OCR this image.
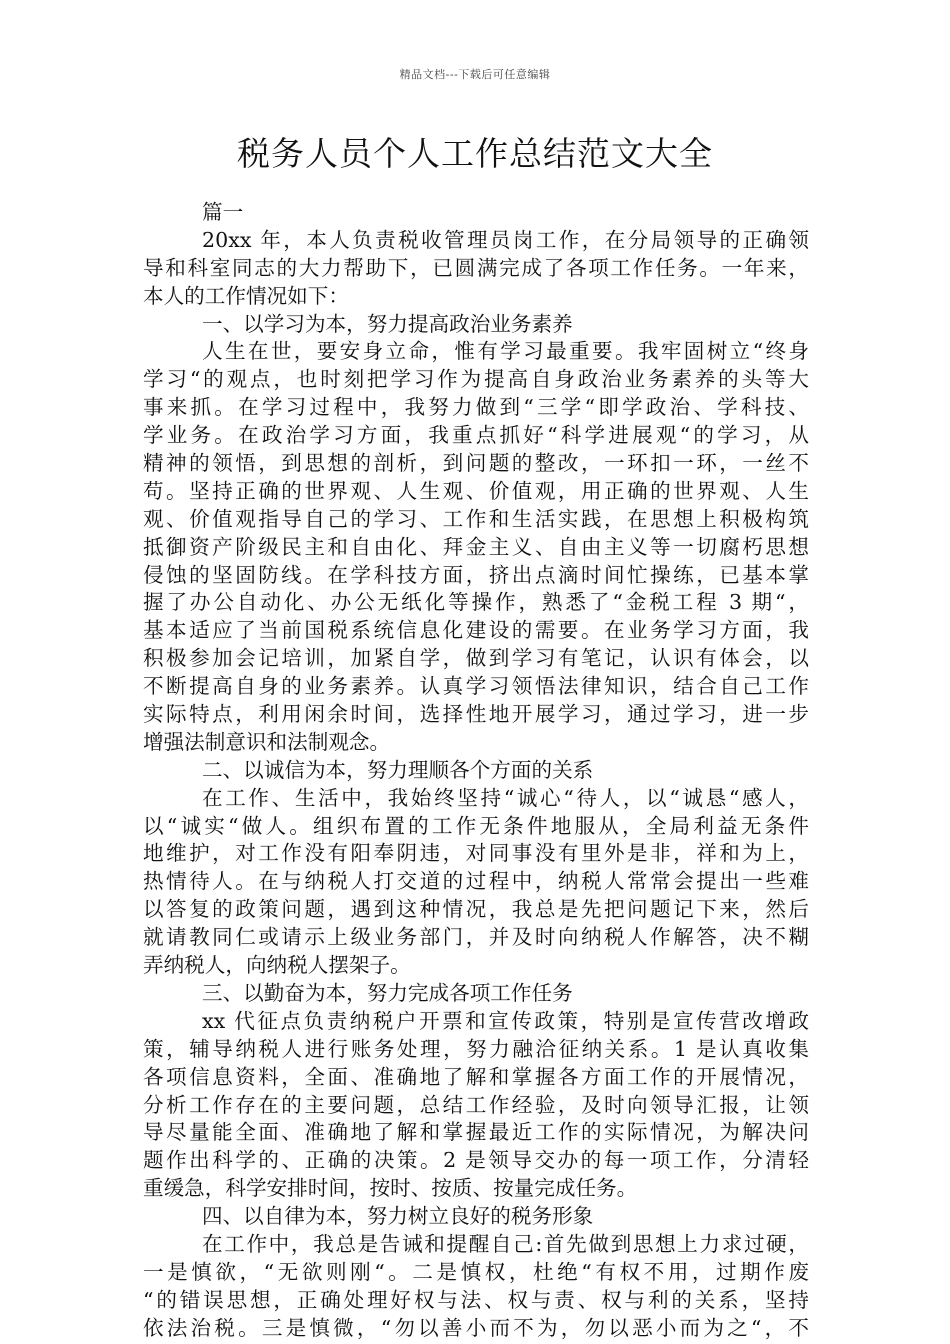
精品文档---下载后可任意编辑
税务人员个人工作总结范文大全
篇一
20xx 年，本人负责税收管理员岗工作，在分局领导的正确领
导和科室同志的大力帮助下，已圆满完成了各项工作任务。一年来，
本人的工作情况如下：
一、以学习为本，努力提高政治业务素养
人生在世，要安身立命，惟有学习最重要。我牢固树立“终身
学习“的观点，也时刻把学习作为提高自身政治业务素养的头等大
事来抓。在学习过程中，我努力做到“三学“即学政治、学科技、
学业务。在政治学习方面，我重点抓好“科学进展观“的学习，从
精神的领悟，到思想的剖析，到问题的整改，一环扣一环，一丝不
苟。坚持正确的世界观、人生观、价值观，用正确的世界观、人生
观、价值观指导自己的学习、工作和生活实践，在思想上积极构筑
抵御资产阶级民主和自由化、拜金主义、自由主义等一切腐朽思想
侵蚀的坚固防线。在学科技方面，挤出点滴时间忙操练，已基本掌
握了办公自动化、办公无纸化等操作，熟悉了“金税工程 3 期“，
基本适应了当前国税系统信息化建设的需要。在业务学习方面，我
积极参加会记培训，加紧自学，做到学习有笔记，认识有体会，以
不断提高自身的业务素养。认真学习领悟法律知识，结合自己工作
实际特点，利用闲余时间，选择性地开展学习，通过学习，进一步
增强法制意识和法制观念。
二、以诚信为本，努力理顺各个方面的关系
在工作、生活中，我始终坚持“诚心“待人，以“诚恳“感人，
以“诚实“做人。组织布置的工作无条件地服从，全局利益无条件
地维护，对工作没有阳奉阴违，对同事没有里外是非，祥和为上，
热情待人。在与纳税人打交道的过程中，纳税人常常会提出一些难
以答复的政策问题，遇到这种情况，我总是先把问题记下来，然后
就请教同仁或请示上级业务部门，并及时向纳税人作解答，决不糊
弄纳税人，向纳税人摆架子。
三、以勤奋为本，努力完成各项工作任务
xx 代征点负责纳税户开票和宣传政策，特别是宣传营改增政
策，辅导纳税人进行账务处理，努力融洽征纳关系。1 是认真收集
各项信息资料，全面、准确地了解和掌握各方面工作的开展情况，
分析工作存在的主要问题，总结工作经验，及时向领导汇报，让领
导尽量能全面、准确地了解和掌握最近工作的实际情况，为解决问
题作出科学的、正确的决策。2 是领导交办的每一项工作，分清轻
重缓急，科学安排时间，按时、按质、按量完成任务。
四、以自律为本，努力树立良好的税务形象
在工作中，我总是告诫和提醒自己:首先做到思想上力求过硬，
一是慎欲，“无欲则刚“。二是慎权，杜绝“有权不用，过期作废
“的错误思想，正确处理好权与法、权与责、权与利的关系，坚持
依法治税。三是慎微，“勿以善小而不为，勿以恶小而为之“，不
